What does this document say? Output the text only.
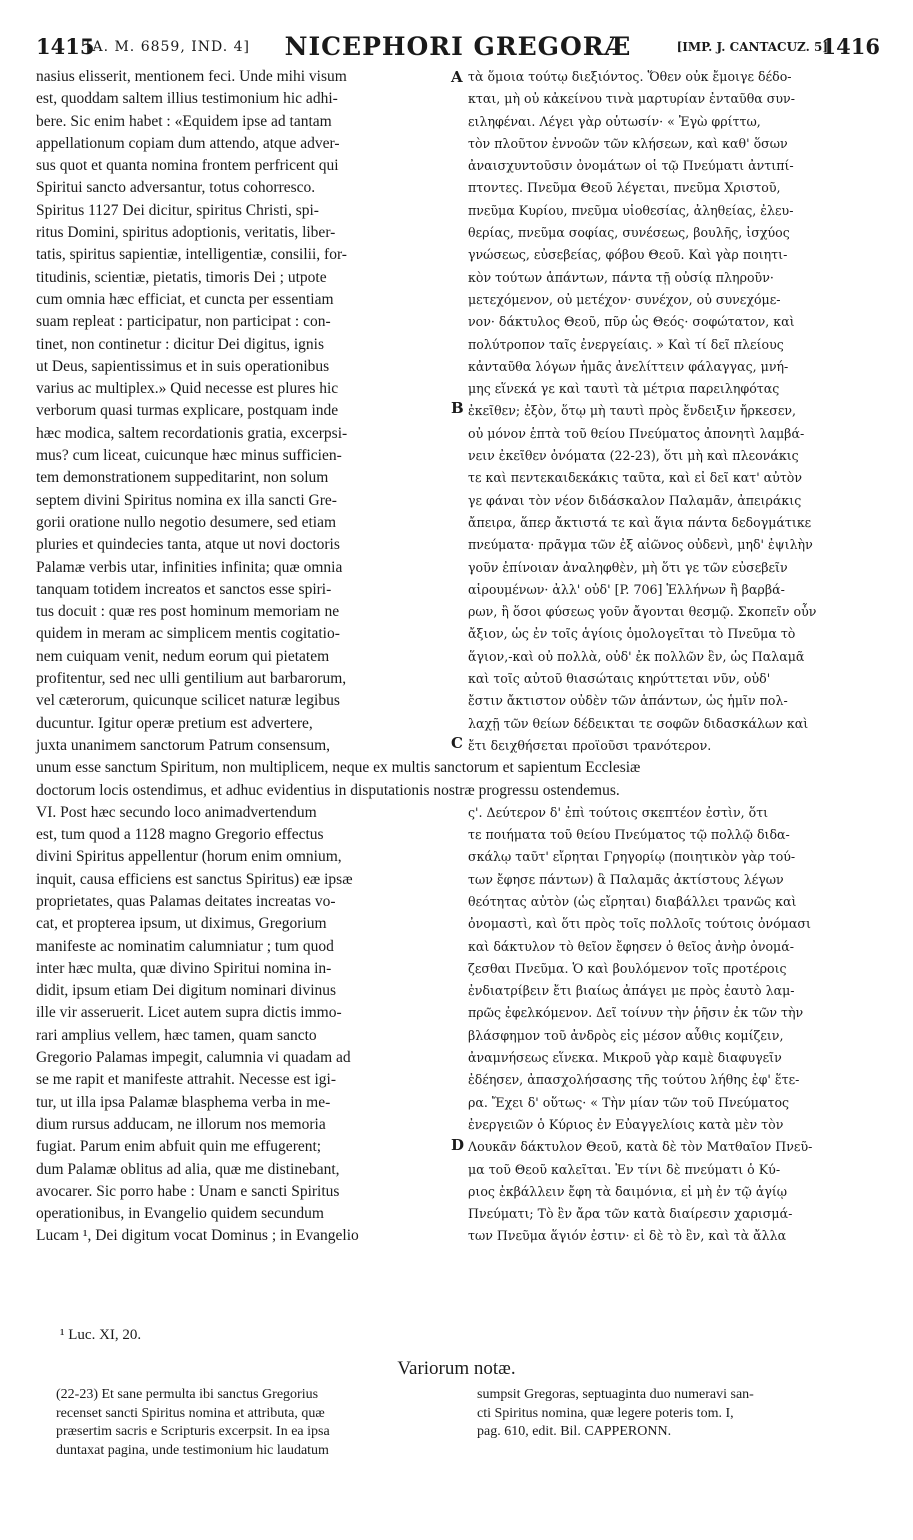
1415
[A. M. 6859, IND. 4]	NICEPHORI GREGORÆ	[IMP. J. CANTACUZ. 5]
1416
nasius elisserit, mentionem feci. Unde mihi visum
est, quoddam saltem illius testimonium hic adhi-
bere. Sic enim habet : «Equidem ipse ad tantam
appellationum copiam dum attendo, atque adver-
sus quot et quanta nomina frontem perfricent qui
Spiritui sancto adversantur, totus cohorresco.
Spiritus 1127 Dei dicitur, spiritus Christi, spi-
ritus Domini, spiritus adoptionis, veritatis, liber-
tatis, spiritus sapientiæ, intelligentiæ, consilii, for-
titudinis, scientiæ, pietatis, timoris Dei ; utpote
cum omnia hæc efficiat, et cuncta per essentiam
suam repleat : participatur, non participat : con-
tinet, non continetur : dicitur Dei digitus, ignis
ut Deus, sapientissimus et in suis operationibus
varius ac multiplex.» Quid necesse est plures hic
verborum quasi turmas explicare, postquam inde
hæc modica, saltem recordationis gratia, excerpsi-
mus? cum liceat, cuicunque hæc minus sufficien-
tem demonstrationem suppeditarint, non solum
septem divini Spiritus nomina ex illa sancti Gre-
gorii oratione nullo negotio desumere, sed etiam
pluries et quindecies tanta, atque ut novi doctoris
Palamæ verbis utar, infinities infinita; quæ omnia
tanquam totidem increatos et sanctos esse spiri-
tus docuit : quæ res post hominum memoriam ne
quidem in meram ac simplicem mentis cogitatio-
nem cuiquam venit, nedum eorum qui pietatem
profitentur, sed nec ulli gentilium aut barbarorum,
vel cæterorum, quicunque scilicet naturæ legibus
ducuntur. Igitur operæ pretium est advertere,
juxta unanimem sanctorum Patrum consensum,
unum esse sanctum Spiritum, non multiplicem, neque ex multis sanctorum et sapientum Ecclesiæ
doctorum locis ostendimus, et adhuc evidentius in disputationis nostræ progressu ostendemus.
VI. Post hæc secundo loco animadvertendum
est, tum quod a 1128 magno Gregorio effectus
divini Spiritus appellentur (horum enim omnium,
inquit, causa efficiens est sanctus Spiritus) eæ ipsæ
proprietates, quas Palamas deitates increatas vo-
cat, et propterea ipsum, ut diximus, Gregorium
manifeste ac nominatim calumniatur ; tum quod
inter hæc multa, quæ divino Spiritui nomina in-
didit, ipsum etiam Dei digitum nominari divinus
ille vir asseruerit. Licet autem supra dictis immo-
rari amplius vellem, hæc tamen, quam sancto
Gregorio Palamas impegit, calumnia vi quadam ad
se me rapit et manifeste attrahit. Necesse est igi-
tur, ut illa ipsa Palamæ blasphema verba in me-
dium rursus adducam, ne illorum nos memoria
fugiat. Parum enim abfuit quin me effugerent;
dum Palamæ oblitus ad alia, quæ me distinebant,
avocarer. Sic porro habe : Unam e sancti Spiritus
operationibus, in Evangelio quidem secundum
Lucam ¹, Dei digitum vocat Dominus ; in Evangelio
τὰ ὅμοια τούτῳ διεξιόντος. Ὅθεν οὐκ ἔμοιγε δέδο-
κται, μὴ οὐ κἀκείνου τινὰ μαρτυρίαν ἐνταῦθα συν-
ειληφέναι. Λέγει γὰρ οὑτωσίν· « Ἐγὼ φρίττω,
τὸν πλοῦτον ἐννοῶν τῶν κλήσεων, καὶ καθ' ὅσων
ἀναισχυντοῦσιν ὀνομάτων οἱ τῷ Πνεύματι ἀντιπί-
πτοντες. Πνεῦμα Θεοῦ λέγεται, πνεῦμα Χριστοῦ,
πνεῦμα Κυρίου, πνεῦμα υἱοθεσίας, ἀληθείας, ἐλευ-
θερίας, πνεῦμα σοφίας, συνέσεως, βουλῆς, ἰσχύος
γνώσεως, εὐσεβείας, φόβου Θεοῦ. Καὶ γὰρ ποιητι-
κὸν τούτων ἁπάντων, πάντα τῇ οὐσίᾳ πληροῦν·
μετεχόμενον, οὐ μετέχον· συνέχον, οὐ συνεχόμε-
νον· δάκτυλος Θεοῦ, πῦρ ὡς Θεός· σοφώτατον, καὶ
πολύτροπον ταῖς ἐνεργείαις. » Καὶ τί δεῖ πλείους
κἀνταῦθα λόγων ἡμᾶς ἀνελίττειν φάλαγγας, μνή-
μης εἵνεκά γε καὶ ταυτὶ τὰ μέτρια παρειληφότας
ἐκεῖθεν; ἐξὸν, ὅτῳ μὴ ταυτὶ πρὸς ἔνδειξιν ἤρκεσεν,
οὐ μόνον ἑπτὰ τοῦ θείου Πνεύματος ἀπονητὶ λαμβά-
νειν ἐκεῖθεν ὀνόματα (22-23), ὅτι μὴ καὶ πλεονάκις
τε καὶ πεντεκαιδεκάκις ταῦτα, καὶ εἰ δεῖ κατ' αὐτὸν
γε φάναι τὸν νέον διδάσκαλον Παλαμᾶν, ἀπειράκις
ἄπειρα, ἅπερ ἄκτιστά τε καὶ ἅγια πάντα δεδογμάτικε
πνεύματα· πρᾶγμα τῶν ἐξ αἰῶνος οὐδενὶ, μηδ' ἐψιλὴν
γοῦν ἐπίνοιαν ἀναληφθὲν, μὴ ὅτι γε τῶν εὐσεβεῖν
αἱρουμένων· ἀλλ' οὐδ' [P. 706] Ἑλλήνων ἢ βαρβά-
ρων, ἢ ὅσοι φύσεως γοῦν ἄγονται θεσμῷ. Σκοπεῖν οὖν
ἄξιον, ὡς ἐν τοῖς ἁγίοις ὁμολογεῖται τὸ Πνεῦμα τὸ
ἅγιον,-καὶ οὐ πολλὰ, οὐδ' ἐκ πολλῶν ἓν, ὡς Παλαμᾶ
καὶ τοῖς αὐτοῦ θιασώταις κηρύττεται νῦν, οὐδ'
ἔστιν ἄκτιστον οὐδὲν τῶν ἁπάντων, ὡς ἡμῖν πολ-
λαχῇ τῶν θείων δέδεικται τε σοφῶν διδασκάλων καὶ
ἔτι δειχθήσεται προϊοῦσι τρανότερον.
ς'. Δεύτερον δ' ἐπὶ τούτοις σκεπτέον ἐστὶν, ὅτι
τε ποιήματα τοῦ θείου Πνεύματος τῷ πολλῷ διδα-
σκάλῳ ταῦτ' εἴρηται Γρηγορίῳ (ποιητικὸν γὰρ τού-
των ἔφησε πάντων) ἃ Παλαμᾶς ἀκτίστους λέγων
θεότητας αὐτὸν (ὡς εἴρηται) διαβάλλει τρανῶς καὶ
ὀνομαστὶ, καὶ ὅτι πρὸς τοῖς πολλοῖς τούτοις ὀνόμασι
καὶ δάκτυλον τὸ θεῖον ἔφησεν ὁ θεῖος ἀνὴρ ὀνομά-
ζεσθαι Πνεῦμα. Ὁ καὶ βουλόμενον τοῖς προτέροις
ἐνδιατρίβειν ἔτι βιαίως ἀπάγει με πρὸς ἑαυτὸ λαμ-
πρῶς ἐφελκόμενον. Δεῖ τοίνυν τὴν ῥῆσιν ἐκ τῶν τὴν
βλάσφημον τοῦ ἀνδρὸς εἰς μέσον αὖθις κομίζειν,
ἀναμνήσεως εἵνεκα. Μικροῦ γὰρ καμὲ διαφυγεῖν
ἐδέησεν, ἀπασχολήσασης τῆς τούτου λήθης ἐφ' ἕτε-
ρα. Ἔχει δ' οὕτως· « Τὴν μίαν τῶν τοῦ Πνεύματος
ἐνεργειῶν ὁ Κύριος ἐν Εὐαγγελίοις κατὰ μὲν τὸν
Λουκᾶν δάκτυλον Θεοῦ, κατὰ δὲ τὸν Ματθαῖον Πνεῦ-
μα τοῦ Θεοῦ καλεῖται. Ἐν τίνι δὲ πνεύματι ὁ Κύ-
ριος ἐκβάλλειν ἔφη τὰ δαιμόνια, εἰ μὴ ἐν τῷ ἁγίῳ
Πνεύματι; Τὸ ἓν ἄρα τῶν κατὰ διαίρεσιν χαρισμά-
των Πνεῦμα ἅγιόν ἐστιν· εἰ δὲ τὸ ἓν, καὶ τὰ ἄλλα
A
B
C
D
¹ Luc. XI, 20.
Variorum notæ.
(22-23) Et sane permulta ibi sanctus Gregorius
recenset sancti Spiritus nomina et attributa, quæ
præsertim sacris e Scripturis excerpsit. In ea ipsa
duntaxat pagina, unde testimonium hic laudatum
sumpsit Gregoras, septuaginta duo numeravi san-
cti Spiritus nomina, quæ legere poteris tom. I,
pag. 610, edit. Bil. CAPPERONN.
